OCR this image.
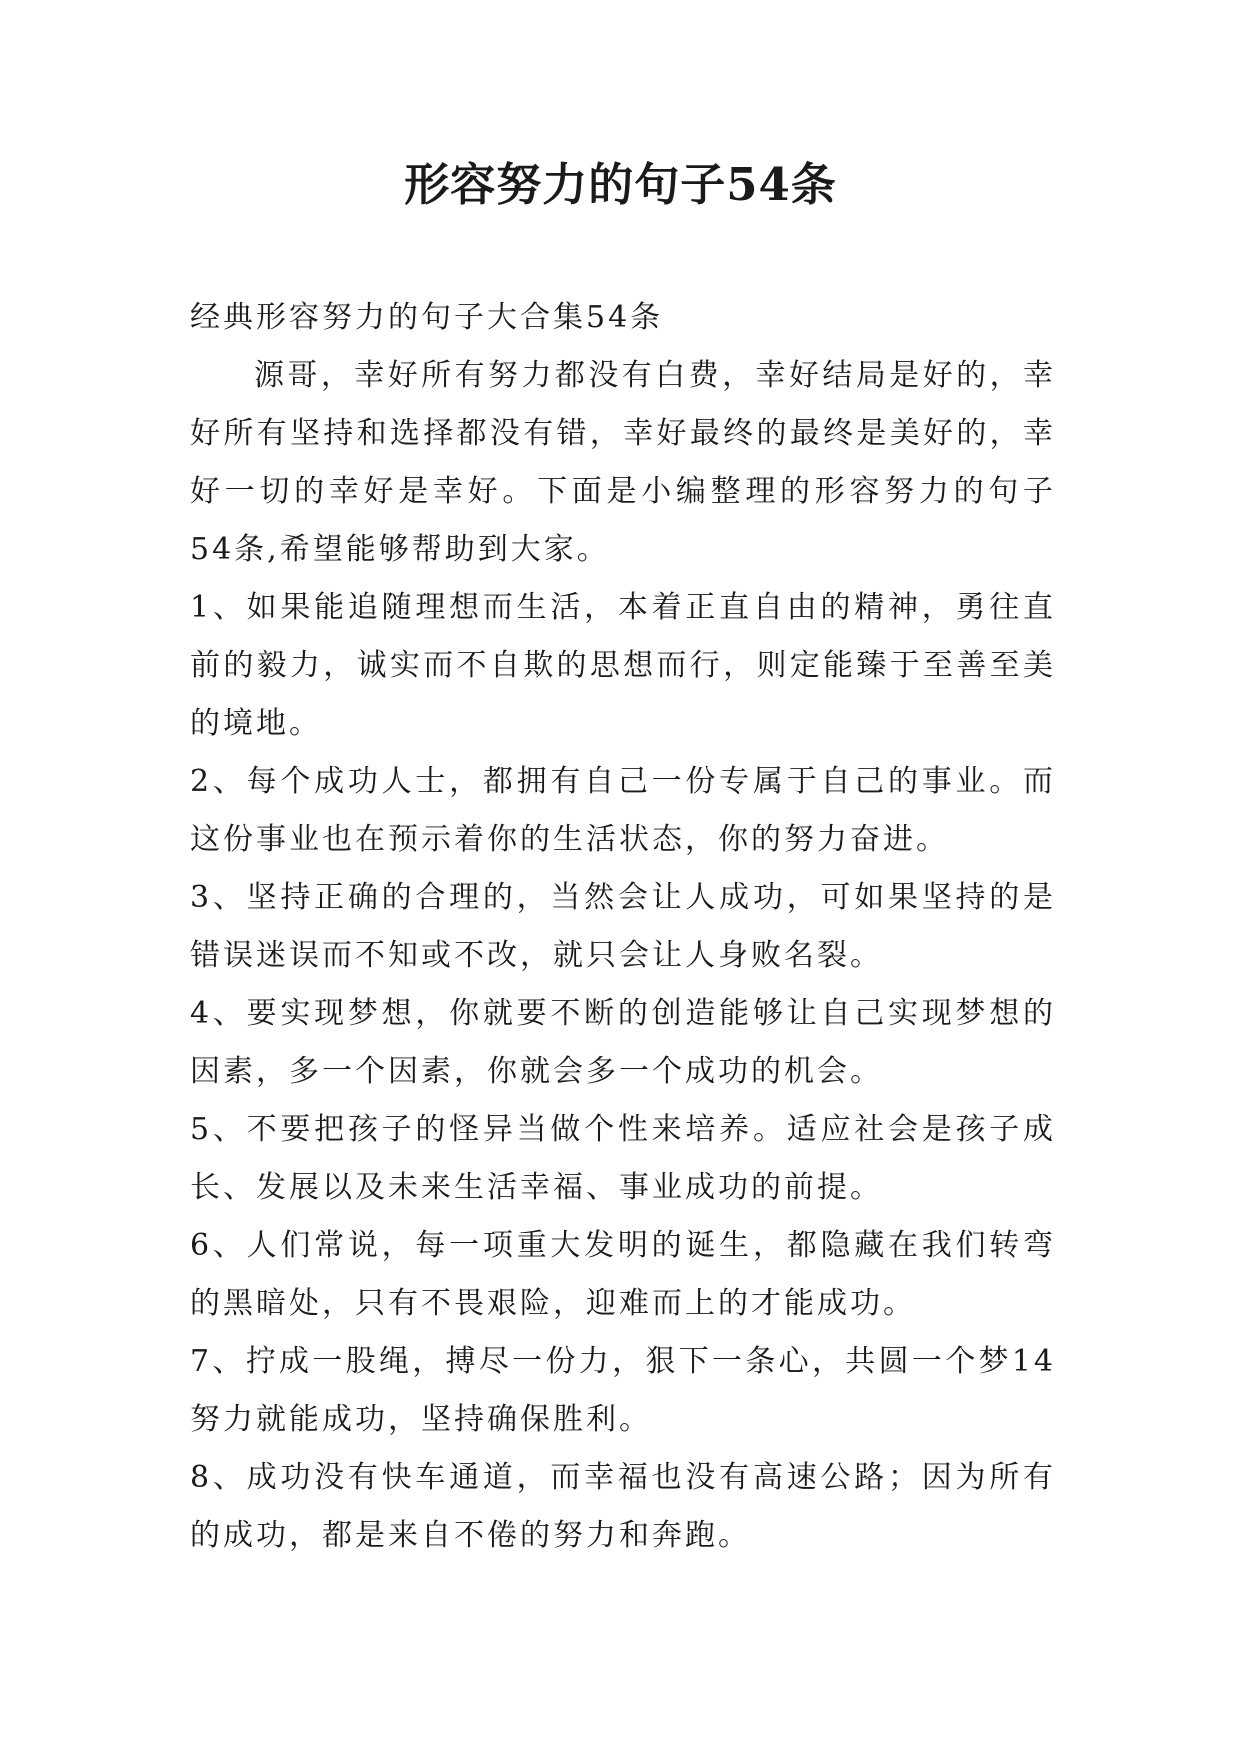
形容努力的句子54条

经典形容努力的句子大合集54条

源哥，幸好所有努力都没有白费，幸好结局是好的，幸好所有坚持和选择都没有错，幸好最终的最终是美好的，幸好一切的幸好是幸好。下面是小编整理的形容努力的句子54条,希望能够帮助到大家。

1、如果能追随理想而生活，本着正直自由的精神，勇往直前的毅力，诚实而不自欺的思想而行，则定能臻于至善至美的境地。

2、每个成功人士，都拥有自己一份专属于自己的事业。而这份事业也在预示着你的生活状态，你的努力奋进。

3、坚持正确的合理的，当然会让人成功，可如果坚持的是错误迷误而不知或不改，就只会让人身败名裂。

4、要实现梦想，你就要不断的创造能够让自己实现梦想的因素，多一个因素，你就会多一个成功的机会。

5、不要把孩子的怪异当做个性来培养。适应社会是孩子成长、发展以及未来生活幸福、事业成功的前提。

6、人们常说，每一项重大发明的诞生，都隐藏在我们转弯的黑暗处，只有不畏艰险，迎难而上的才能成功。

7、拧成一股绳，搏尽一份力，狠下一条心，共圆一个梦14努力就能成功，坚持确保胜利。

8、成功没有快车通道，而幸福也没有高速公路；因为所有的成功，都是来自不倦的努力和奔跑。
